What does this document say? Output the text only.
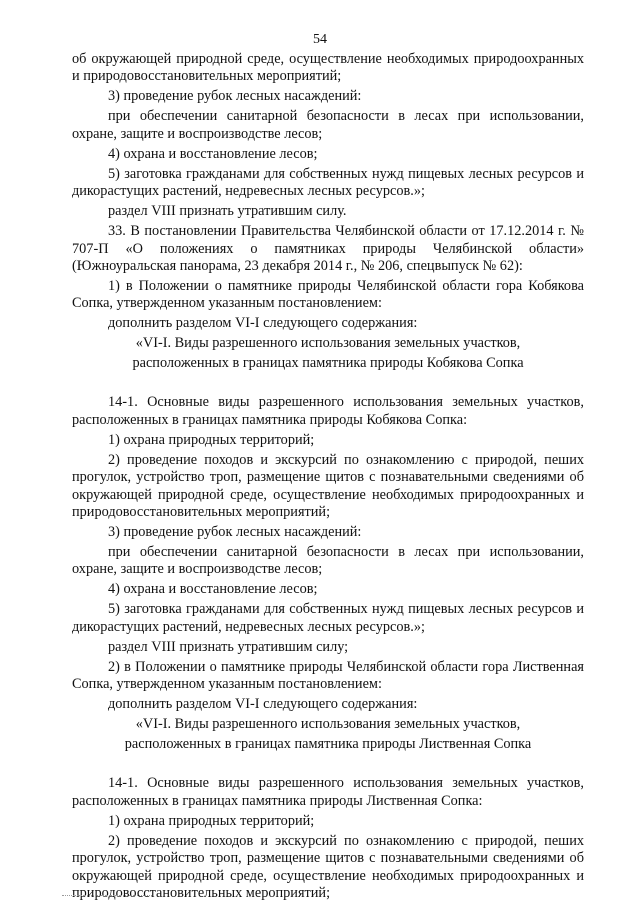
54

об окружающей природной среде, осуществление необходимых природоохранных и природовосстановительных мероприятий;

3) проведение рубок лесных насаждений:

при обеспечении санитарной безопасности в лесах при использовании, охране, защите и воспроизводстве лесов;

4) охрана и восстановление лесов;

5) заготовка гражданами для собственных нужд пищевых лесных ресурсов и дикорастущих растений, недревесных лесных ресурсов.»;

раздел VIII признать утратившим силу.

33. В постановлении Правительства Челябинской области от 17.12.2014 г. № 707-П «О положениях о памятниках природы Челябинской области» (Южноуральская панорама, 23 декабря 2014 г., № 206, спецвыпуск № 62):

1) в Положении о памятнике природы Челябинской области гора Кобякова Сопка, утвержденном указанным постановлением:

дополнить разделом VI-I следующего содержания:

«VI-I. Виды разрешенного использования земельных участков,

расположенных в границах памятника природы Кобякова Сопка

14-1. Основные виды разрешенного использования земельных участков, расположенных в границах памятника природы Кобякова Сопка:

1) охрана природных территорий;

2) проведение походов и экскурсий по ознакомлению с природой, пеших прогулок, устройство троп, размещение щитов с познавательными сведениями об окружающей природной среде, осуществление необходимых природоохранных и природовосстановительных мероприятий;

3) проведение рубок лесных насаждений:

при обеспечении санитарной безопасности в лесах при использовании, охране, защите и воспроизводстве лесов;

4) охрана и восстановление лесов;

5) заготовка гражданами для собственных нужд пищевых лесных ресурсов и дикорастущих растений, недревесных лесных ресурсов.»;

раздел VIII признать утратившим силу;

2) в Положении о памятнике природы Челябинской области гора Лиственная Сопка, утвержденном указанным постановлением:

дополнить разделом VI-I следующего содержания:

«VI-I. Виды разрешенного использования земельных участков,

расположенных в границах памятника природы Лиственная Сопка

14-1. Основные виды разрешенного использования земельных участков, расположенных в границах памятника природы Лиственная Сопка:

1) охрана природных территорий;

2) проведение походов и экскурсий по ознакомлению с природой, пеших прогулок, устройство троп, размещение щитов с познавательными сведениями об окружающей природной среде, осуществление необходимых природоохранных и природовосстановительных мероприятий;
